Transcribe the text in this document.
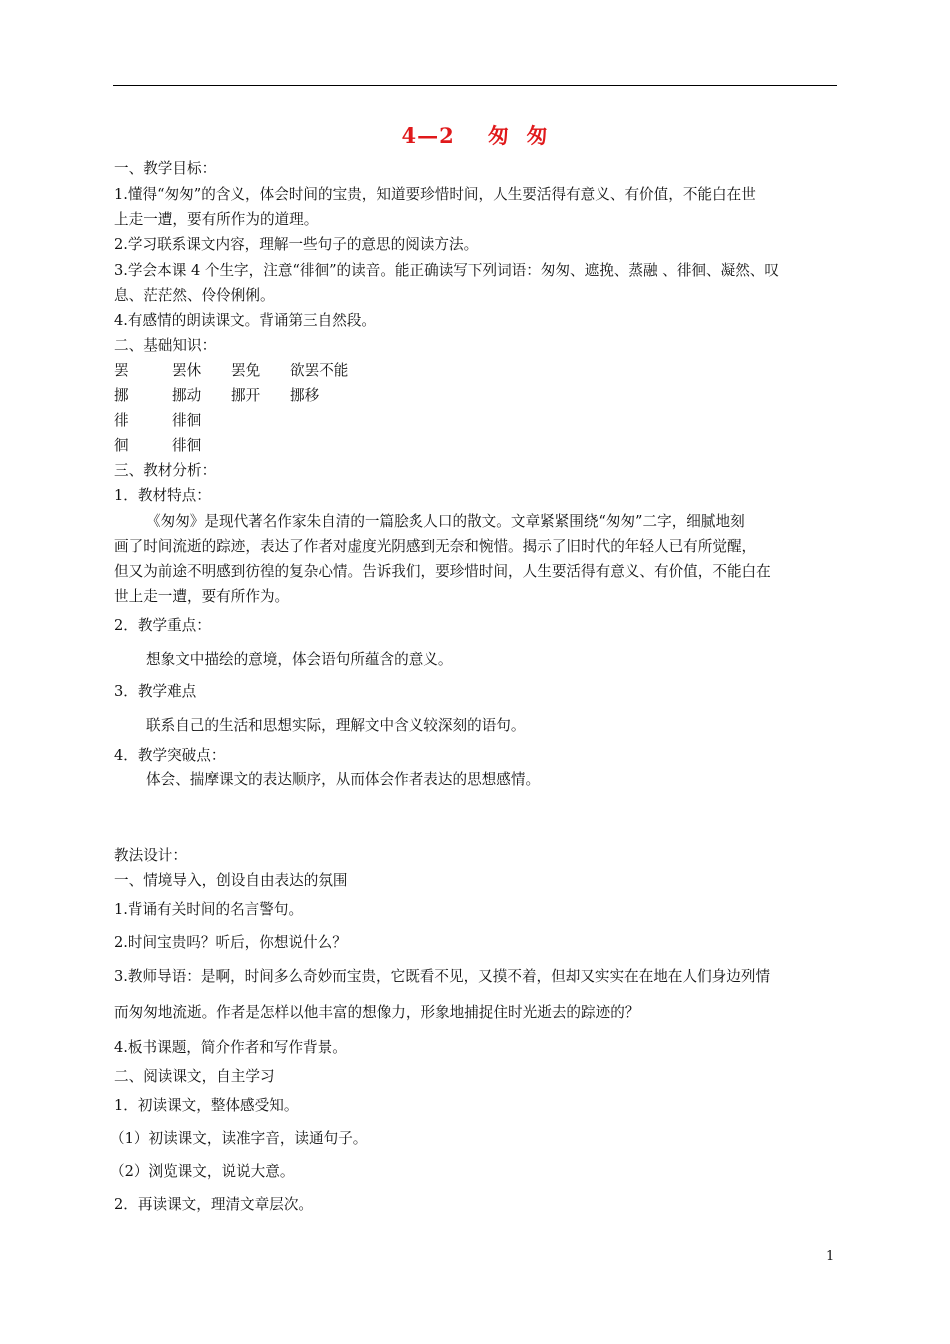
4—2    匆  匆
一、教学目标：
1.懂得“匆匆”的含义，体会时间的宝贵，知道要珍惜时间，人生要活得有意义、有价值，不能白在世
上走一遭，要有所作为的道理。
2.学习联系课文内容，理解一些句子的意思的阅读方法。
3.学会本课 4 个生字，注意“徘徊”的读音。能正确读写下列词语：匆匆、遮挽、蒸融 、徘徊、凝然、叹
息、茫茫然、伶伶俐俐。
4.有感情的朗读课文。背诵第三自然段。
二、基础知识：
罢	罢休 罢免 欲罢不能
挪	挪动 挪开 挪移
徘	徘徊
徊	徘徊
三、教材分析：
1．教材特点：
《匆匆》是现代著名作家朱自清的一篇脍炙人口的散文。文章紧紧围绕“匆匆”二字，细腻地刻
画了时间流逝的踪迹，表达了作者对虚度光阴感到无奈和惋惜。揭示了旧时代的年轻人已有所觉醒，
但又为前途不明感到彷徨的复杂心情。告诉我们，要珍惜时间，人生要活得有意义、有价值，不能白在
世上走一遭，要有所作为。
2．教学重点：
想象文中描绘的意境，体会语句所蕴含的意义。
3．教学难点
联系自己的生活和思想实际，理解文中含义较深刻的语句。
4．教学突破点：
体会、揣摩课文的表达顺序，从而体会作者表达的思想感情。
教法设计：
一、情境导入，创设自由表达的氛围
1.背诵有关时间的名言警句。
2.时间宝贵吗？听后，你想说什么？
3.教师导语：是啊，时间多么奇妙而宝贵，它既看不见，又摸不着，但却又实实在在地在人们身边列情
而匆匆地流逝。作者是怎样以他丰富的想像力，形象地捕捉住时光逝去的踪迹的？
4.板书课题，简介作者和写作背景。
二、阅读课文，自主学习
1．初读课文，整体感受知。
（1）初读课文，读准字音，读通句子。
（2）浏览课文，说说大意。
2．再读课文，理清文章层次。
1
